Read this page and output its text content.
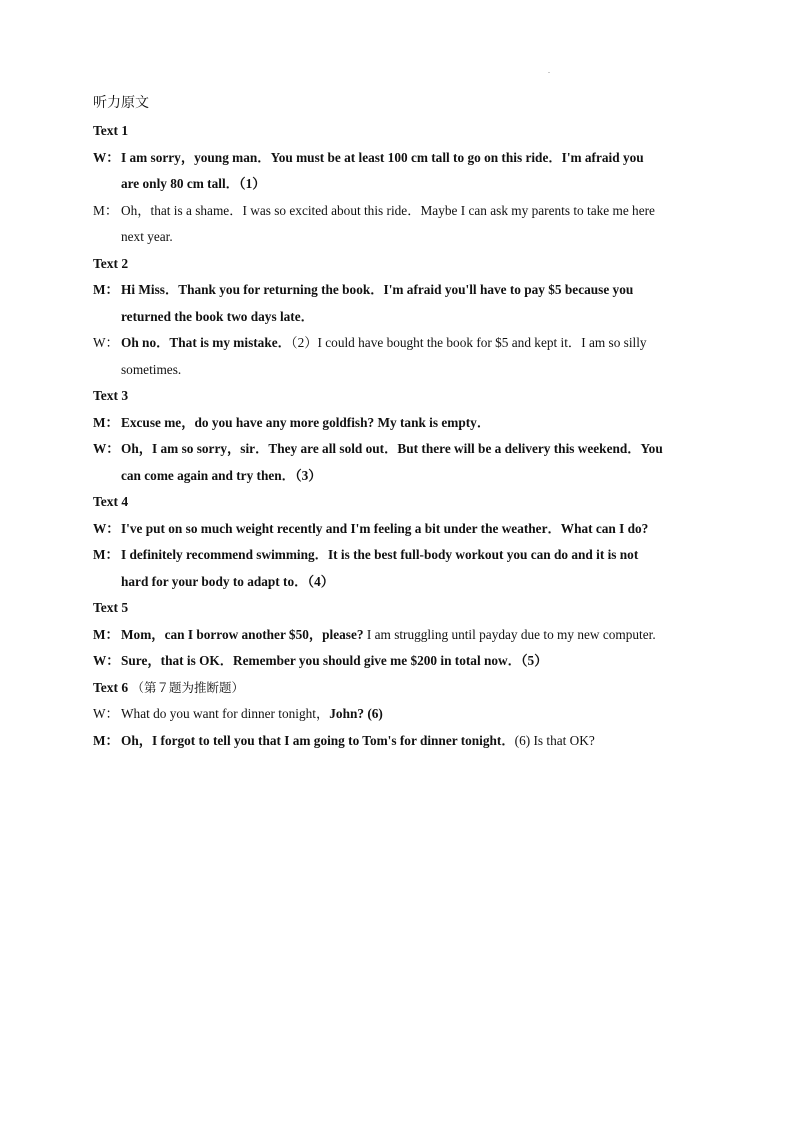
.
听力原文
Text 1
W： I am sorry，young man．You must be at least 100 cm tall to go on this ride．I'm afraid you are only 80 cm tall．（1）
M： Oh，that is a shame．I was so excited about this ride．Maybe I can ask my parents to take me here next year.
Text 2
M： Hi Miss．Thank you for returning the book．I'm afraid you'll have to pay $5 because you returned the book two days late．
W： Oh no．That is my mistake．（2）I could have bought the book for $5 and kept it．I am so silly sometimes.
Text 3
M： Excuse me，do you have any more goldfish? My tank is empty．
W： Oh，I am so sorry，sir．They are all sold out．But there will be a delivery this weekend．You can come again and try then．（3）
Text 4
W： I've put on so much weight recently and I'm feeling a bit under the weather．What can I do?
M： I definitely recommend swimming．It is the best full-body workout you can do and it is not hard for your body to adapt to．（4）
Text 5
M： Mom，can I borrow another $50，please? I am struggling until payday due to my new computer.
W： Sure，that is OK．Remember you should give me $200 in total now．（5）
Text 6 （第７题为推断题）
W： What do you want for dinner tonight，John? (6)
M： Oh，I forgot to tell you that I am going to Tom's for dinner tonight．(6) Is that OK?
